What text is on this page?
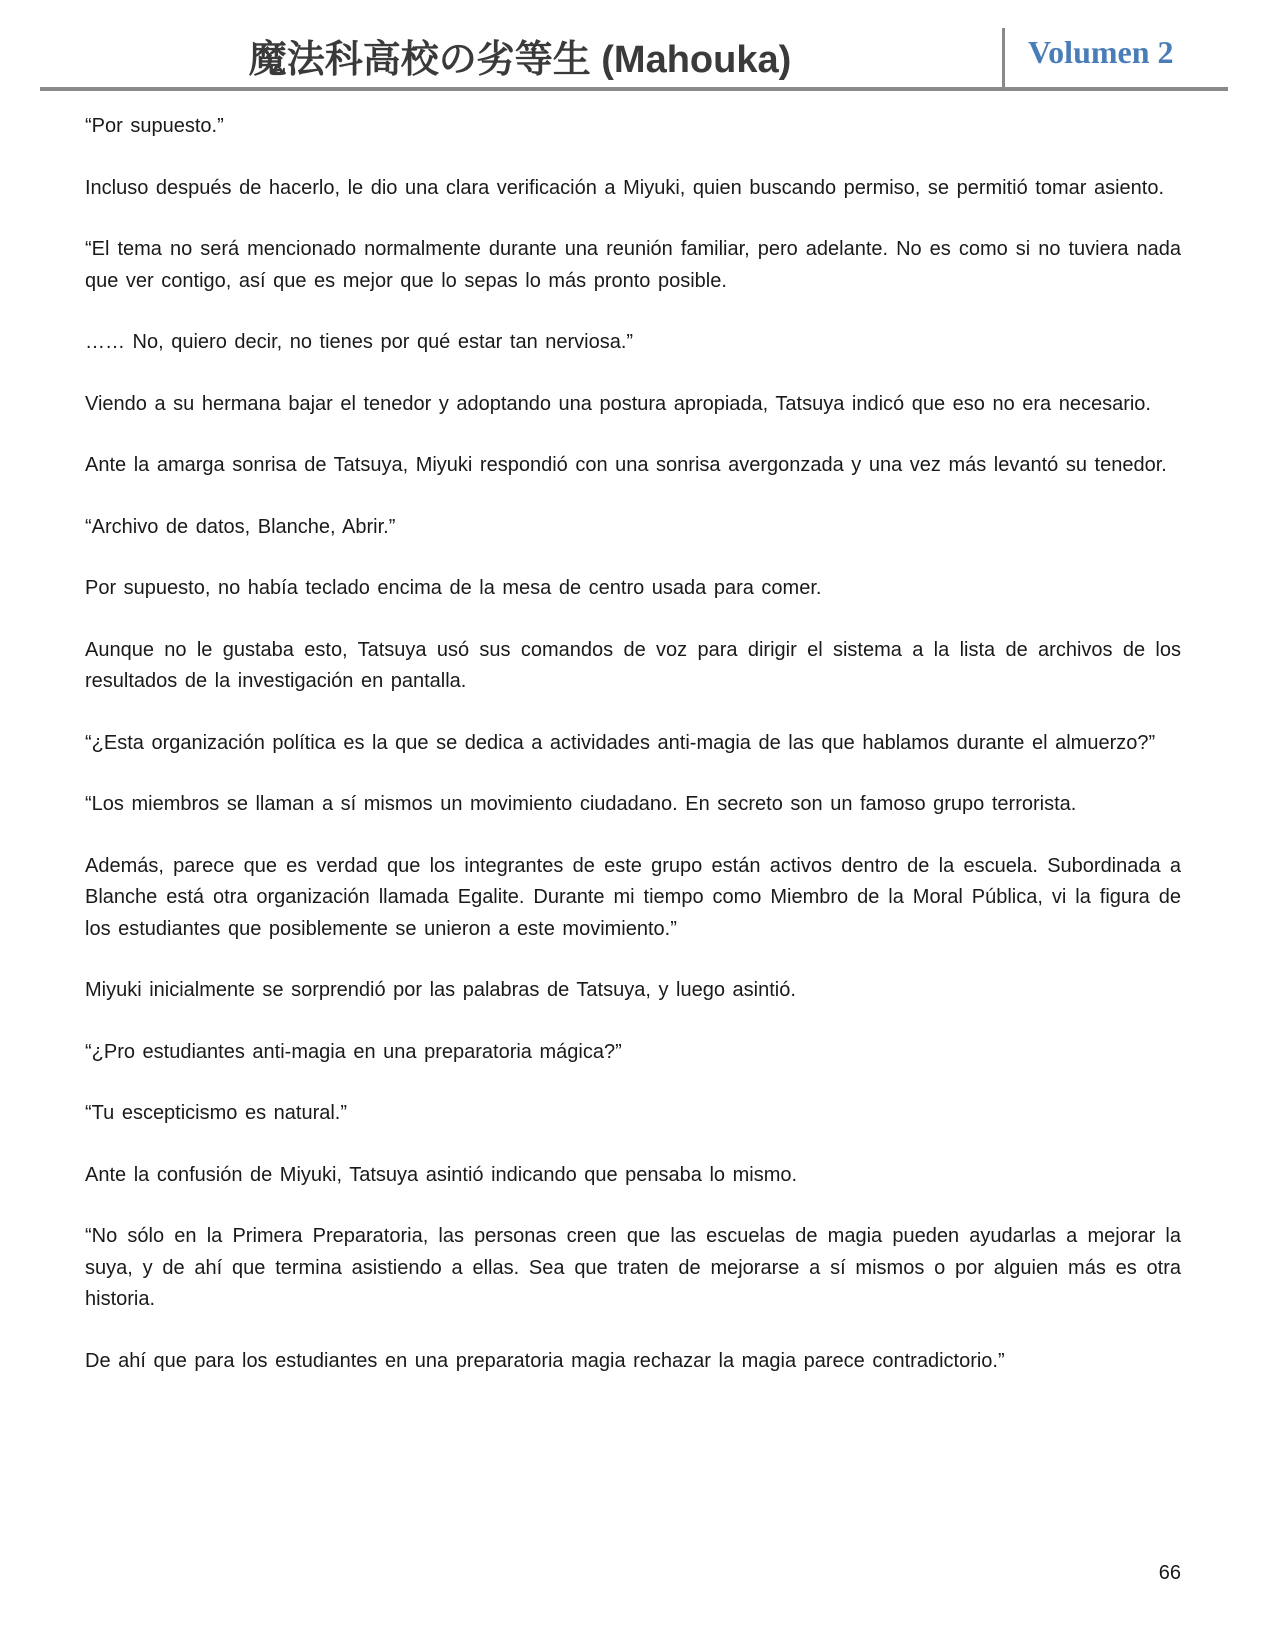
魔法科高校の劣等生 (Mahouka)	Volumen 2

“Por supuesto.”

Incluso después de hacerlo, le dio una clara verificación a Miyuki, quien buscando permiso, se permitió tomar asiento.

“El tema no será mencionado normalmente durante una reunión familiar, pero adelante. No es como si no tuviera nada que ver contigo, así que es mejor que lo sepas lo más pronto posible.

…… No, quiero decir, no tienes por qué estar tan nerviosa.”

Viendo a su hermana bajar el tenedor y adoptando una postura apropiada, Tatsuya indicó que eso no era necesario.

Ante la amarga sonrisa de Tatsuya, Miyuki respondió con una sonrisa avergonzada y una vez más levantó su tenedor.

“Archivo de datos, Blanche, Abrir.”

Por supuesto, no había teclado encima de la mesa de centro usada para comer.

Aunque no le gustaba esto, Tatsuya usó sus comandos de voz para dirigir el sistema a la lista de archivos de los resultados de la investigación en pantalla.

“¿Esta organización política es la que se dedica a actividades anti-magia de las que hablamos durante el almuerzo?”

“Los miembros se llaman a sí mismos un movimiento ciudadano. En secreto son un famoso grupo terrorista.

Además, parece que es verdad que los integrantes de este grupo están activos dentro de la escuela. Subordinada a Blanche está otra organización llamada Egalite. Durante mi tiempo como Miembro de la Moral Pública, vi la figura de los estudiantes que posiblemente se unieron a este movimiento.”

Miyuki inicialmente se sorprendió por las palabras de Tatsuya, y luego asintió.

“¿Pro estudiantes anti-magia en una preparatoria mágica?”

“Tu escepticismo es natural.”

Ante la confusión de Miyuki, Tatsuya asintió indicando que pensaba lo mismo.

“No sólo en la Primera Preparatoria, las personas creen que las escuelas de magia pueden ayudarlas a mejorar la suya, y de ahí que termina asistiendo a ellas. Sea que traten de mejorarse a sí mismos o por alguien más es otra historia.

De ahí que para los estudiantes en una preparatoria magia rechazar la magia parece contradictorio.”

66
